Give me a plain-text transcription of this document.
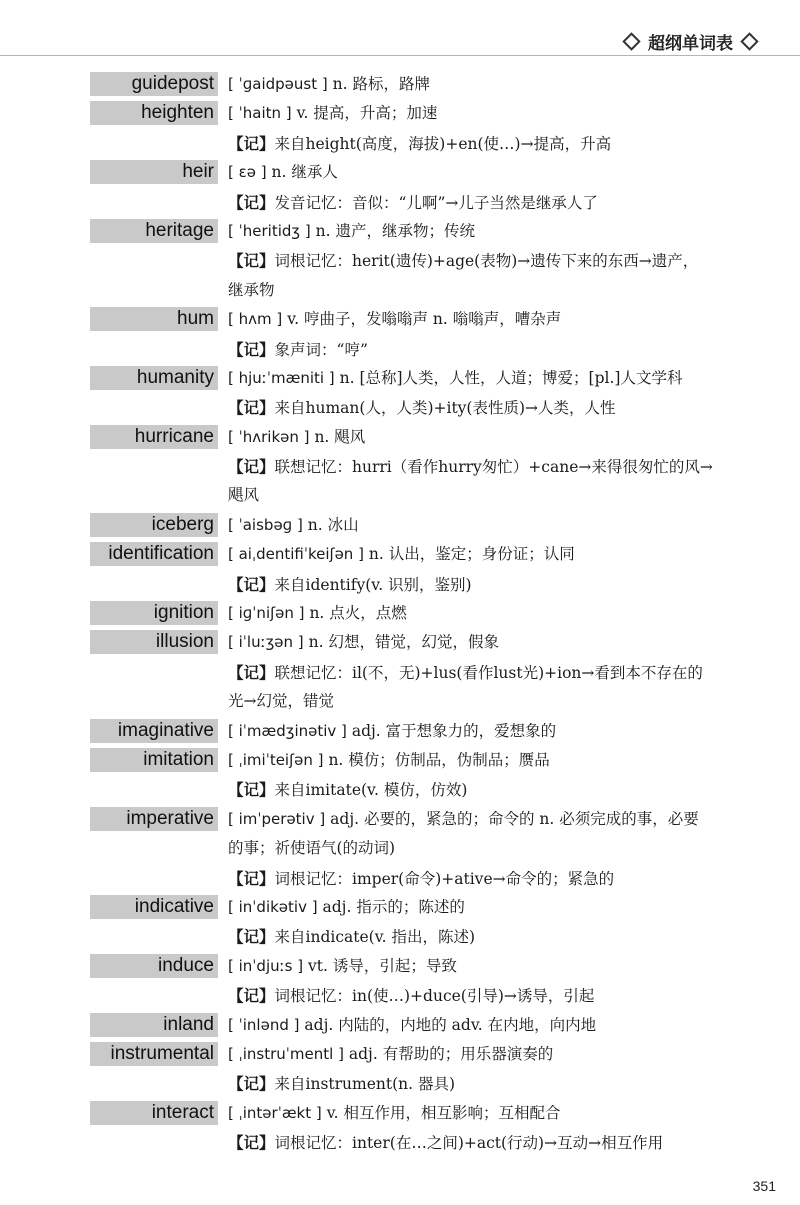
超纲单词表
guidepost [ ˈɡaidpəust ] n. 路标，路牌
heighten [ ˈhaitn ] v. 提高，升高；加速
【记】来自height(高度，海拔)+en(使…)→提高，升高
heir [ ɛə ] n. 继承人
【记】发音记忆：音似：“儿啊”→儿子当然是继承人了
heritage [ ˈheritidʒ ] n. 遗产，继承物；传统
【记】词根记忆：herit(遗传)+age(表物)→遗传下来的东西→遗产，
继承物
hum [ hʌm ] v. 哼曲子，发嗡嗡声 n. 嗡嗡声，嘈杂声
【记】象声词：“哼”
humanity [ hjuːˈmæniti ] n. [总称]人类，人性，人道；博爱；[pl.]人文学科
【记】来自human(人，人类)+ity(表性质)→人类，人性
hurricane [ ˈhʌrikən ] n. 飓风
【记】联想记忆：hurri（看作hurry匆忙）+cane→来得很匆忙的风→
飓风
iceberg [ ˈaisbəɡ ] n. 冰山
identification [ aiˌdentifiˈkeiʃən ] n. 认出，鉴定；身份证；认同
【记】来自identify(v. 识别，鉴别)
ignition [ iɡˈniʃən ] n. 点火，点燃
illusion [ iˈluːʒən ] n. 幻想，错觉，幻觉，假象
【记】联想记忆：il(不，无)+lus(看作lust光)+ion→看到本不存在的
光→幻觉，错觉
imaginative [ iˈmædʒinətiv ] adj. 富于想象力的，爱想象的
imitation [ ˌimiˈteiʃən ] n. 模仿；仿制品，伪制品；赝品
【记】来自imitate(v. 模仿，仿效)
imperative [ imˈperətiv ] adj. 必要的，紧急的；命令的 n. 必须完成的事，必要
的事；祈使语气(的动词)
【记】词根记忆：imper(命令)+ative→命令的；紧急的
indicative [ inˈdikətiv ] adj. 指示的；陈述的
【记】来自indicate(v. 指出，陈述)
induce [ inˈdjuːs ] vt. 诱导，引起；导致
【记】词根记忆：in(使…)+duce(引导)→诱导，引起
inland [ ˈinlənd ] adj. 内陆的，内地的 adv. 在内地，向内地
instrumental [ ˌinstruˈmentl ] adj. 有帮助的；用乐器演奏的
【记】来自instrument(n. 器具)
interact [ ˌintərˈækt ] v. 相互作用，相互影响；互相配合
【记】词根记忆：inter(在…之间)+act(行动)→互动→相互作用
351
